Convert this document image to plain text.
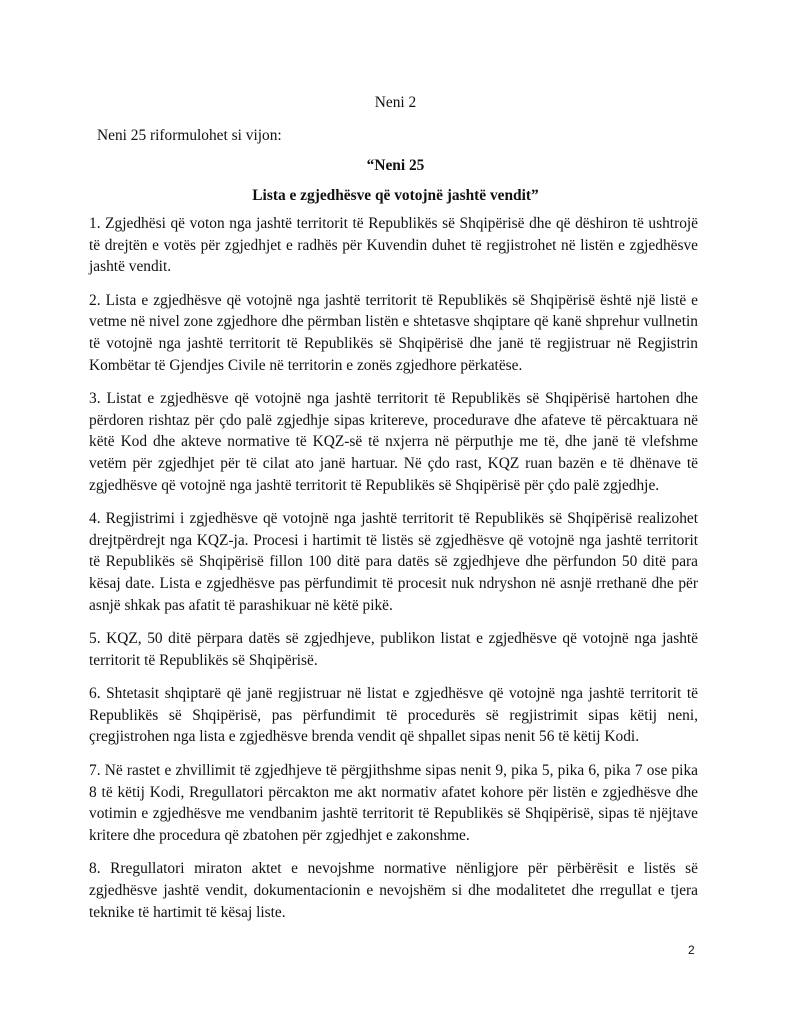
Neni 2
Neni 25 riformulohet si vijon:
“Neni 25
Lista e zgjedhësve që votojnë jashtë vendit”

1. Zgjedhësi që voton nga jashtë territorit të Republikës së Shqipërisë dhe që dëshiron të ushtrojë të drejtën e votës për zgjedhjet e radhës për Kuvendin duhet të regjistrohet në listën e zgjedhësve jashtë vendit.

2. Lista e zgjedhësve që votojnë nga jashtë territorit të Republikës së Shqipërisë është një listë e vetme në nivel zone zgjedhore dhe përmban listën e shtetasve shqiptare që kanë shprehur vullnetin të votojnë nga jashtë territorit të Republikës së Shqipërisë dhe janë të regjistruar në Regjistrin Kombëtar të Gjendjes Civile në territorin e zonës zgjedhore përkatëse.

3. Listat e zgjedhësve që votojnë nga jashtë territorit të Republikës së Shqipërisë hartohen dhe përdoren rishtaz për çdo palë zgjedhje sipas kritereve, procedurave dhe afateve të përcaktuara në këtë Kod dhe akteve normative të KQZ-së të nxjerra në përputhje me të, dhe janë të vlefshme vetëm për zgjedhjet për të cilat ato janë hartuar. Në çdo rast, KQZ ruan bazën e të dhënave të zgjedhësve që votojnë nga jashtë territorit të Republikës së Shqipërisë për çdo palë zgjedhje.

4. Regjistrimi i zgjedhësve që votojnë nga jashtë territorit të Republikës së Shqipërisë realizohet drejtpërdrejt nga KQZ-ja. Procesi i hartimit të listës së zgjedhësve që votojnë nga jashtë territorit të Republikës së Shqipërisë fillon 100 ditë para datës së zgjedhjeve dhe përfundon 50 ditë para kësaj date. Lista e zgjedhësve pas përfundimit të procesit nuk ndryshon në asnjë rrethanë dhe për asnjë shkak pas afatit të parashikuar në këtë pikë.

5. KQZ, 50 ditë përpara datës së zgjedhjeve, publikon listat e zgjedhësve që votojnë nga jashtë territorit të Republikës së Shqipërisë.

6. Shtetasit shqiptarë që janë regjistruar në listat e zgjedhësve që votojnë nga jashtë territorit të Republikës së Shqipërisë, pas përfundimit të procedurës së regjistrimit sipas këtij neni, çregjistrohen nga lista e zgjedhësve brenda vendit që shpallet sipas nenit 56 të këtij Kodi.

7. Në rastet e zhvillimit të zgjedhjeve të përgjithshme sipas nenit 9, pika 5, pika 6, pika 7 ose pika 8 të këtij Kodi, Rregullatori përcakton me akt normativ afatet kohore për listën e zgjedhësve dhe votimin e zgjedhësve me vendbanim jashtë territorit të Republikës së Shqipërisë, sipas të njëjtave kritere dhe procedura që zbatohen për zgjedhjet e zakonshme.

8. Rregullatori miraton aktet e nevojshme normative nënligjore për përbërësit e listës së zgjedhësve jashtë vendit, dokumentacionin e nevojshëm si dhe modalitetet dhe rregullat e tjera teknike të hartimit të kësaj liste.

2
